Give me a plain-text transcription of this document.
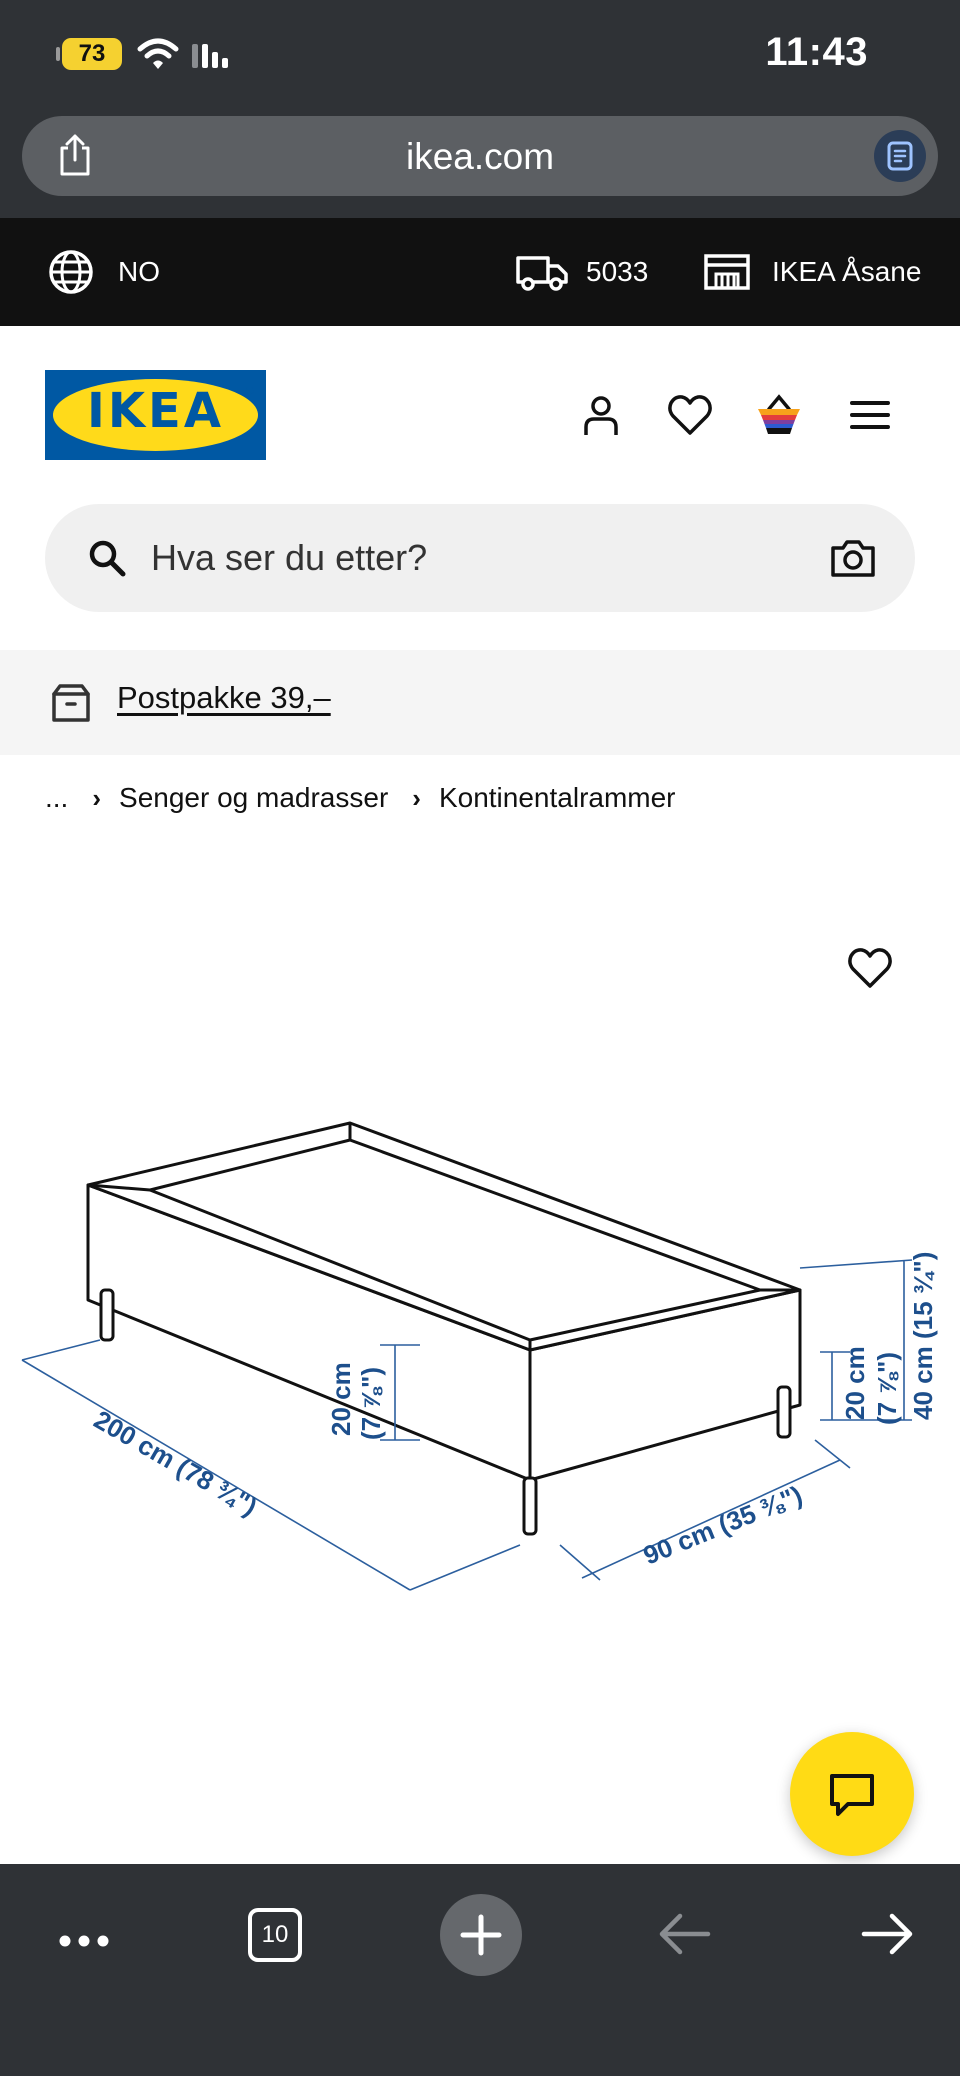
73	11:43
ikea.com
NO	5033	IKEA Åsane
IKEA	®
Hva ser du etter?
Postpakke 39,–
... › Senger og madrasser › Kontinentalrammer
200 cm (78 ¾")
90 cm (35 ⅜")
20 cm (7 ⅞")	20 cm (7 ⅞") 40 cm (15 ¾")
10
